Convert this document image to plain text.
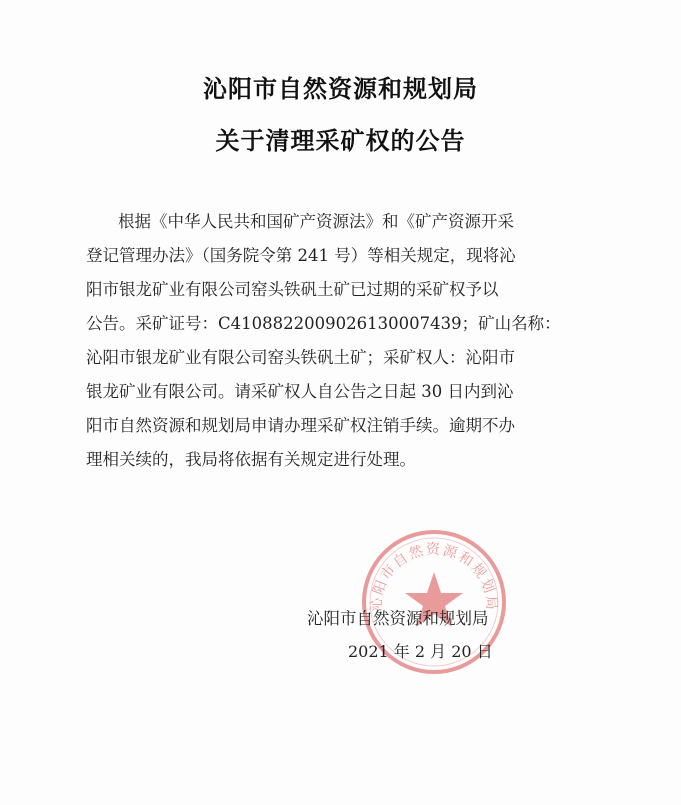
沁阳市自然资源和规划局
关于清理采矿权的公告
根据《中华人民共和国矿产资源法》和《矿产资源开采
登记管理办法》（国务院令第 241 号）等相关规定，现将沁
阳市银龙矿业有限公司窑头铁矾土矿已过期的采矿权予以
公告。采矿证号：C4108822009026130007439；矿山名称：
沁阳市银龙矿业有限公司窑头铁矾土矿；采矿权人：沁阳市
银龙矿业有限公司。请采矿权人自公告之日起 30 日内到沁
阳市自然资源和规划局申请办理采矿权注销手续。逾期不办
理相关续的，我局将依据有关规定进行处理。
沁阳市自然资源和规划局
沁阳市自然资源和规划局
2021 年 2 月 20 日
